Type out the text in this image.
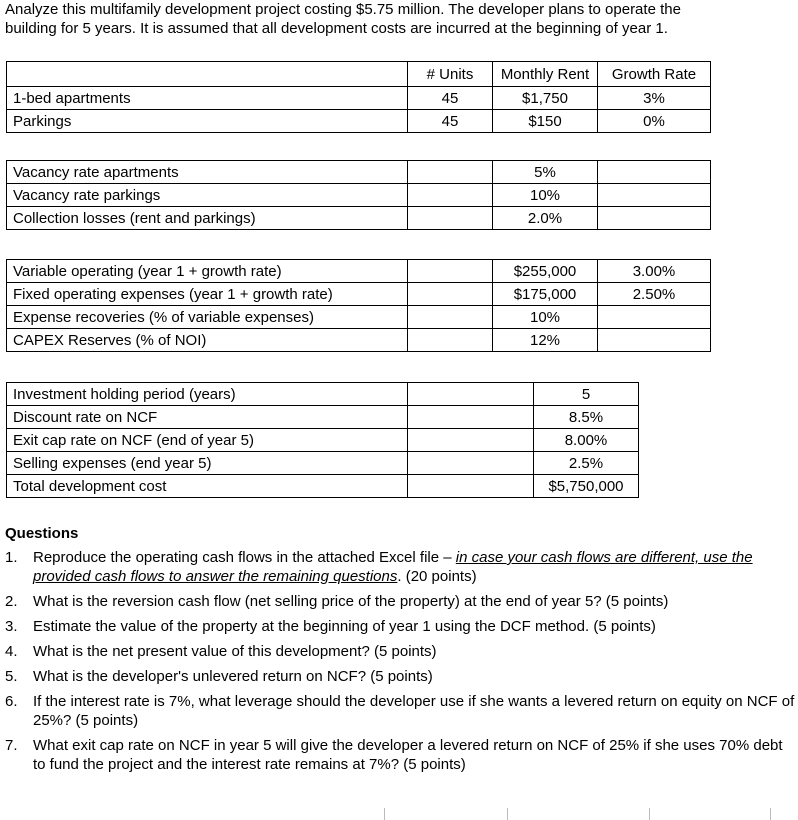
Analyze this multifamily development project costing $5.75 million. The developer plans to operate the
building for 5 years. It is assumed that all development costs are incurred at the beginning of year 1.
	# Units	Monthly Rent	Growth Rate
1-bed apartments	45	$1,750	3%
Parkings	45	$150	0%
Vacancy rate apartments		5%	
Vacancy rate parkings		10%	
Collection losses (rent and parkings)		2.0%	
Variable operating (year 1 + growth rate)		$255,000	3.00%
Fixed operating expenses (year 1 + growth rate)		$175,000	2.50%
Expense recoveries (% of variable expenses)		10%	
CAPEX Reserves (% of NOI)		12%	
Investment holding period (years)		5
Discount rate on NCF		8.5%
Exit cap rate on NCF (end of year 5)		8.00%
Selling expenses (end year 5)		2.5%
Total development cost		$5,750,000
Questions
1.	Reproduce the operating cash flows in the attached Excel file – in case your cash flows are different, use the provided cash flows to answer the remaining questions. (20 points)
2.	What is the reversion cash flow (net selling price of the property) at the end of year 5? (5 points)
3.	Estimate the value of the property at the beginning of year 1 using the DCF method. (5 points)
4.	What is the net present value of this development? (5 points)
5.	What is the developer's unlevered return on NCF? (5 points)
6.	If the interest rate is 7%, what leverage should the developer use if she wants a levered return on equity on NCF of 25%? (5 points)
7.	What exit cap rate on NCF in year 5 will give the developer a levered return on NCF of 25% if she uses 70% debt to fund the project and the interest rate remains at 7%? (5 points)
